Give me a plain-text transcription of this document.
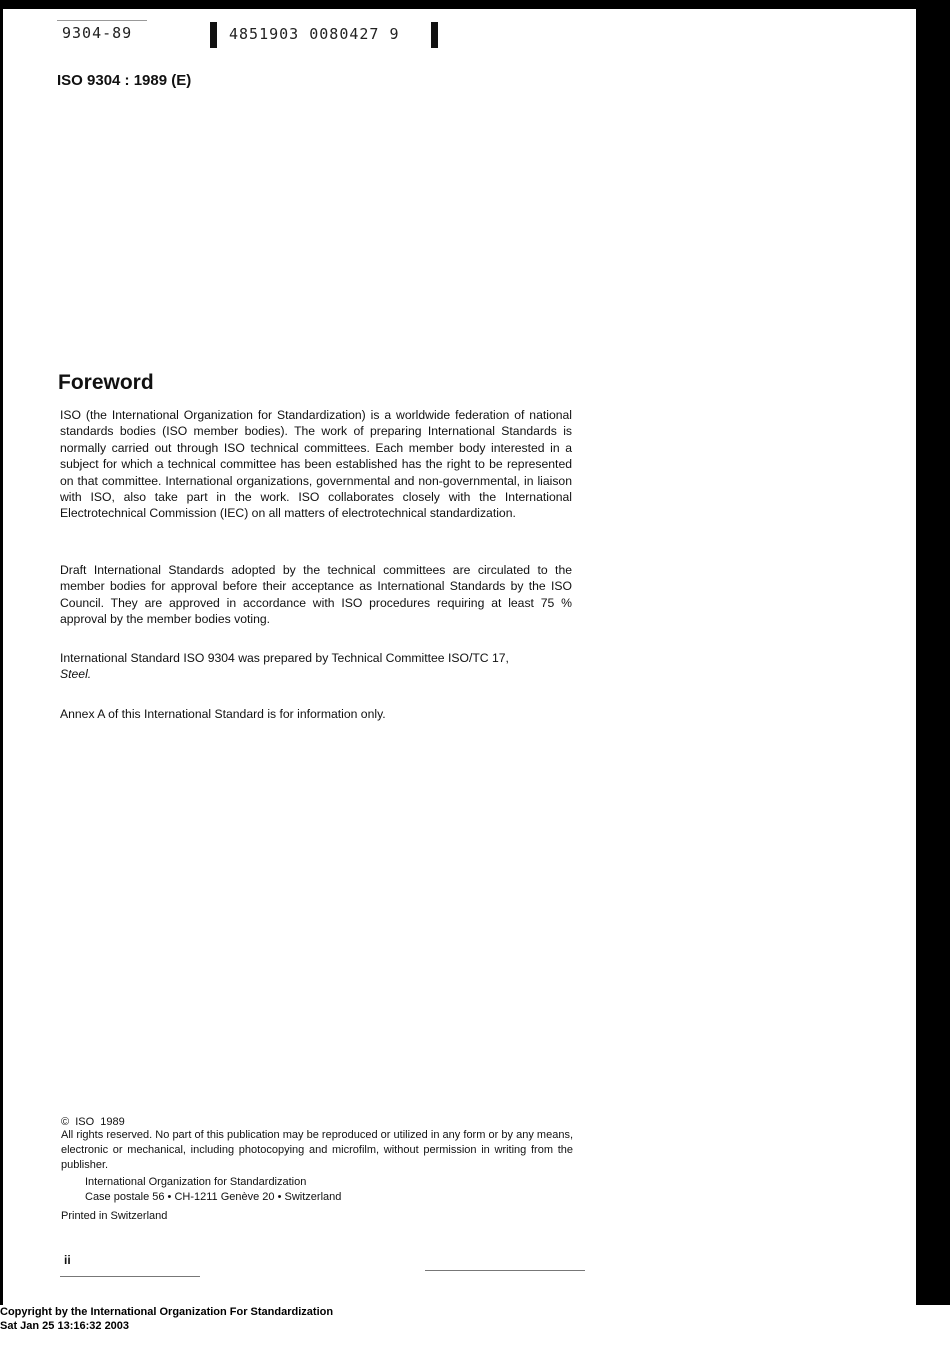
9304-89	4851903 0080427 9
ISO 9304 : 1989 (E)
Foreword
ISO (the International Organization for Standardization) is a worldwide federation of national standards bodies (ISO member bodies). The work of preparing International Standards is normally carried out through ISO technical committees. Each member body interested in a subject for which a technical committee has been established has the right to be represented on that committee. International organizations, governmental and non-governmental, in liaison with ISO, also take part in the work. ISO collaborates closely with the International Electrotechnical Commission (IEC) on all matters of electrotechnical standardization.
Draft International Standards adopted by the technical committees are circulated to the member bodies for approval before their acceptance as International Standards by the ISO Council. They are approved in accordance with ISO procedures requiring at least 75 % approval by the member bodies voting.
International Standard ISO 9304 was prepared by Technical Committee ISO/TC 17,
Steel.
Annex A of this International Standard is for information only.
©  ISO  1989
All rights reserved. No part of this publication may be reproduced or utilized in any form or by any means, electronic or mechanical, including photocopying and microfilm, without permission in writing from the publisher.
International Organization for Standardization
Case postale 56 • CH-1211 Genève 20 • Switzerland
Printed in Switzerland
ii
Copyright by the International Organization For Standardization
Sat Jan 25 13:16:32 2003
